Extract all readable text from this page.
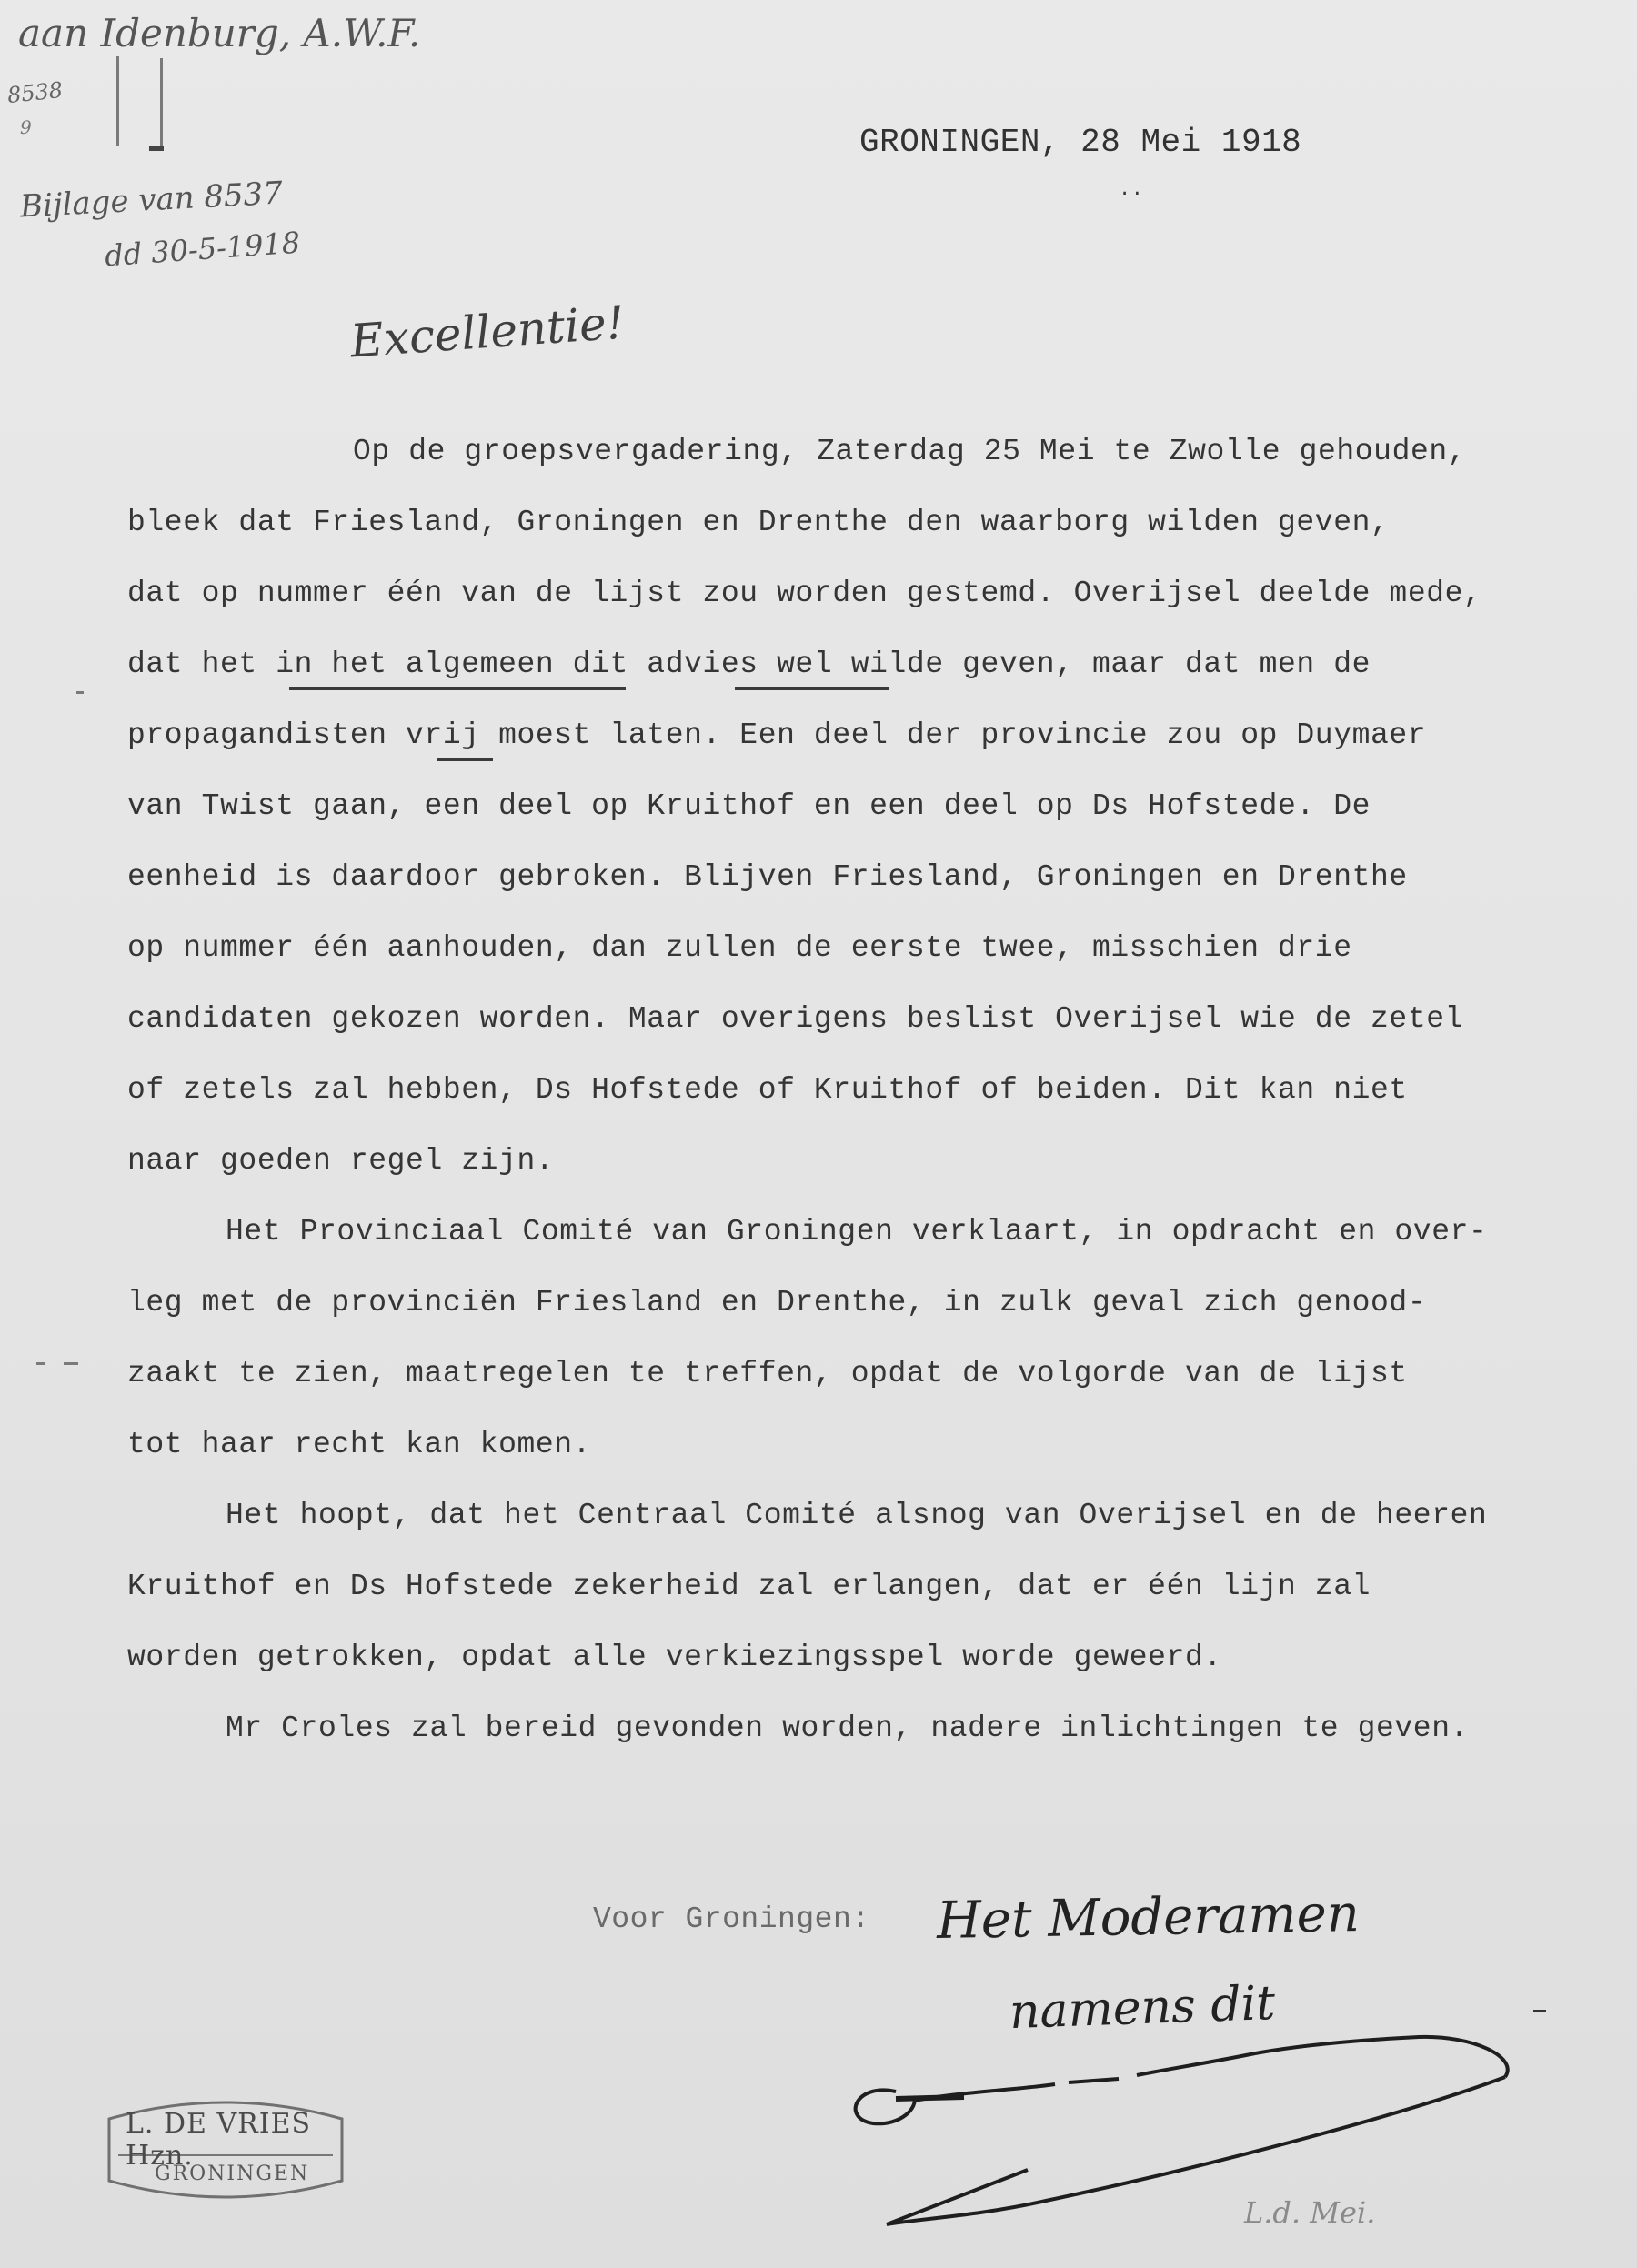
aan Idenburg, A.W.F.
8538
9
Bijlage van 8537
dd 30-5-1918
GRONINGEN, 28 Mei 1918
..
Excellentie!
Op de groepsvergadering, Zaterdag 25 Mei te Zwolle gehouden,
bleek dat Friesland, Groningen en Drenthe den waarborg wilden geven,
dat op nummer één van de lijst zou worden gestemd. Overijsel deelde mede,
dat het in het algemeen dit advies wel wilde geven, maar dat men de
propagandisten vrij moest laten. Een deel der provincie zou op Duymaer
van Twist gaan, een deel op Kruithof en een deel op Ds Hofstede. De
eenheid is daardoor gebroken. Blijven Friesland, Groningen en Drenthe
op nummer één aanhouden, dan zullen de eerste twee, misschien drie
candidaten gekozen worden. Maar overigens beslist Overijsel wie de zetel
of zetels zal hebben, Ds Hofstede of Kruithof of beiden. Dit kan niet
naar goeden regel zijn.
Het Provinciaal Comité van Groningen verklaart, in opdracht en over-
leg met de provinciën Friesland en Drenthe, in zulk geval zich genood-
zaakt te zien, maatregelen te treffen, opdat de volgorde van de lijst
tot haar recht kan komen.
Het hoopt, dat het Centraal Comité alsnog van Overijsel en de heeren
Kruithof en Ds Hofstede zekerheid zal erlangen, dat er één lijn zal
worden getrokken, opdat alle verkiezingsspel worde geweerd.
Mr Croles zal bereid gevonden worden, nadere inlichtingen te geven.
Voor Groningen: Het Moderamen
namens dit
L. DE VRIES Hzn.
GRONINGEN
L.d. Mei.
